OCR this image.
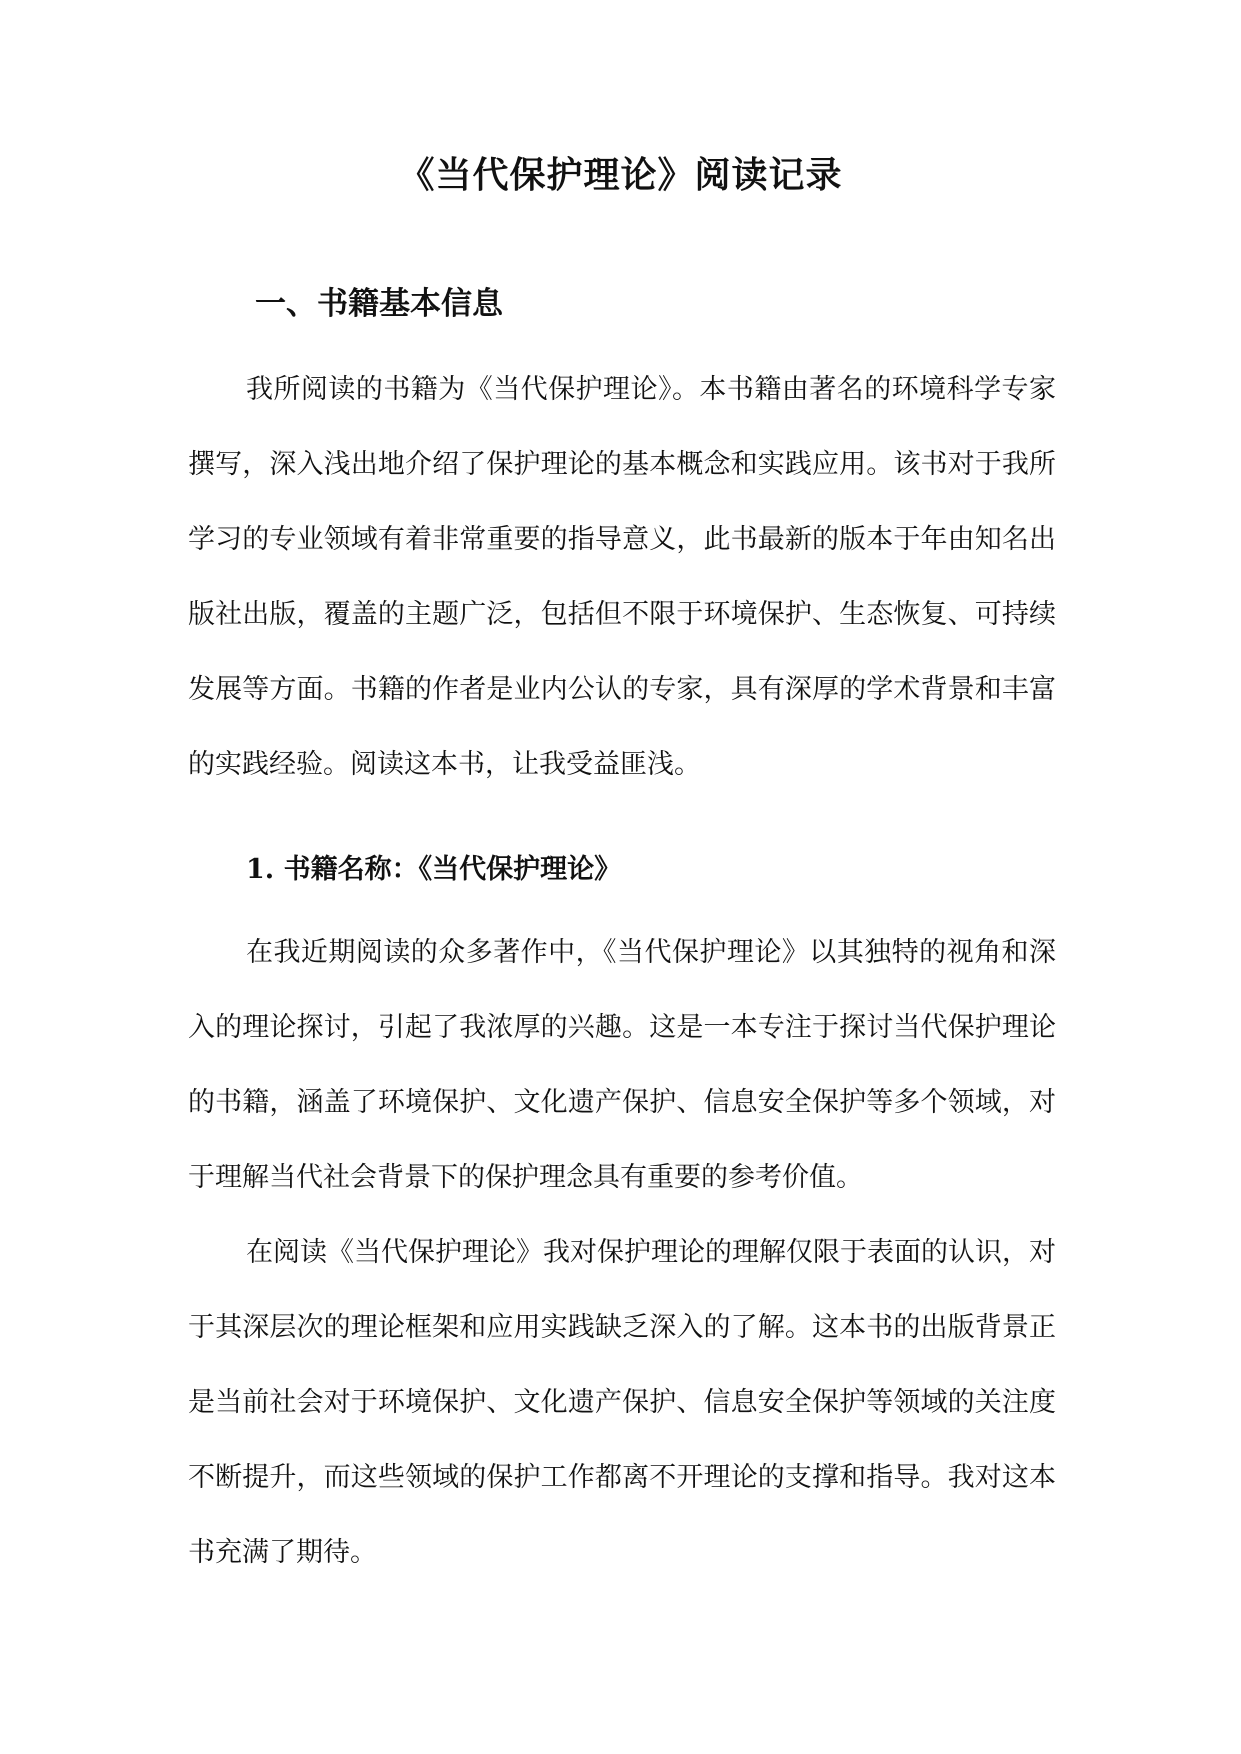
《当代保护理论》阅读记录
一、书籍基本信息

我所阅读的书籍为《当代保护理论》。本书籍由著名的环境科学专家撰写，深入浅出地介绍了保护理论的基本概念和实践应用。该书对于我所学习的专业领域有着非常重要的指导意义，此书最新的版本于年由知名出版社出版，覆盖的主题广泛，包括但不限于环境保护、生态恢复、可持续发展等方面。书籍的作者是业内公认的专家，具有深厚的学术背景和丰富的实践经验。阅读这本书，让我受益匪浅。

1. 书籍名称：《当代保护理论》

在我近期阅读的众多著作中，《当代保护理论》以其独特的视角和深入的理论探讨，引起了我浓厚的兴趣。这是一本专注于探讨当代保护理论的书籍，涵盖了环境保护、文化遗产保护、信息安全保护等多个领域，对于理解当代社会背景下的保护理念具有重要的参考价值。

在阅读《当代保护理论》我对保护理论的理解仅限于表面的认识，对于其深层次的理论框架和应用实践缺乏深入的了解。这本书的出版背景正是当前社会对于环境保护、文化遗产保护、信息安全保护等领域的关注度不断提升，而这些领域的保护工作都离不开理论的支撑和指导。我对这本书充满了期待。
